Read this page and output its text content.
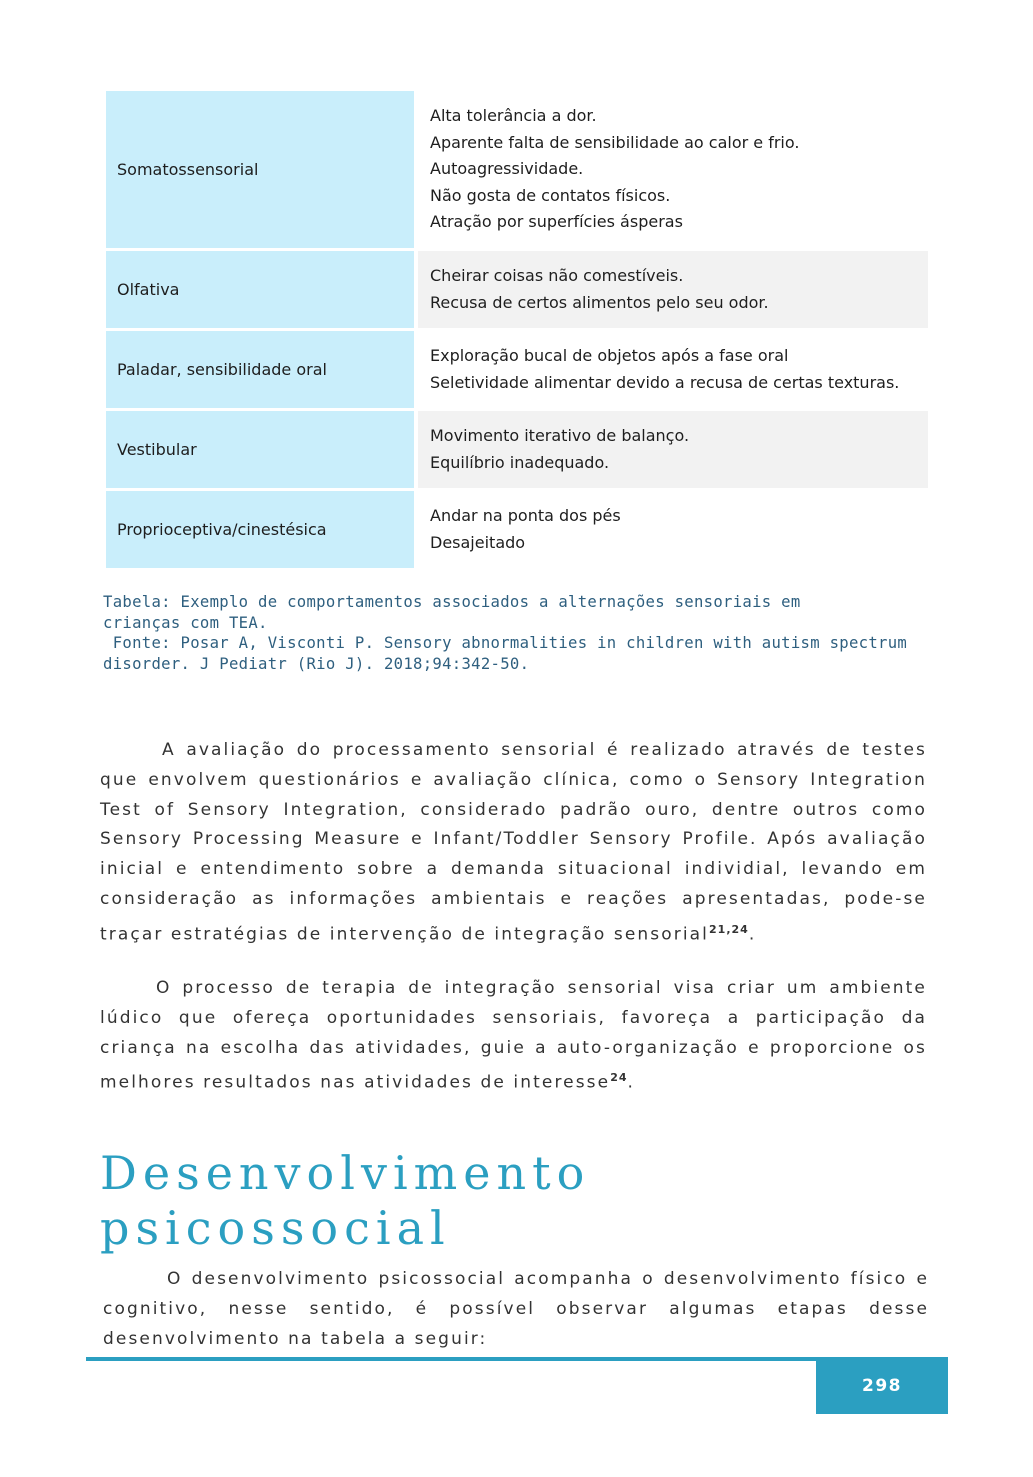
Somatossensorial
Alta tolerância a dor.
Aparente falta de sensibilidade ao calor e frio.
Autoagressividade.
Não gosta de contatos físicos.
Atração por superfícies ásperas
Olfativa
Cheirar coisas não comestíveis.
Recusa de certos alimentos pelo seu odor.
Paladar, sensibilidade oral
Exploração bucal de objetos após a fase oral
Seletividade alimentar devido a recusa de certas texturas.
Vestibular
Movimento iterativo de balanço.
Equilíbrio inadequado.
Proprioceptiva/cinestésica
Andar na ponta dos pés
Desajeitado
Tabela: Exemplo de comportamentos associados a alternações sensoriais em
crianças com TEA.
Fonte: Posar A, Visconti P. Sensory abnormalities in children with autism spectrum
disorder. J Pediatr (Rio J). 2018;94:342-50.
A avaliação do processamento sensorial é realizado através de testes que envolvem questionários e avaliação clínica, como o Sensory Integration Test of Sensory Integration, considerado padrão ouro, dentre outros como Sensory Processing Measure e Infant/Toddler Sensory Profile. Após avaliação inicial e entendimento sobre a demanda situacional individial, levando em consideração as informações ambientais e reações apresentadas, pode-se traçar estratégias de intervenção de integração sensorial$^{21,24}$.
O processo de terapia de integração sensorial visa criar um ambiente lúdico que ofereça oportunidades sensoriais, favoreça a participação da criança na escolha das atividades, guie a auto-organização e proporcione os melhores resultados nas atividades de interesse$^{24}$.
Desenvolvimento
psicossocial
O desenvolvimento psicossocial acompanha o desenvolvimento físico e cognitivo, nesse sentido, é possível observar algumas etapas desse desenvolvimento na tabela a seguir:
298
